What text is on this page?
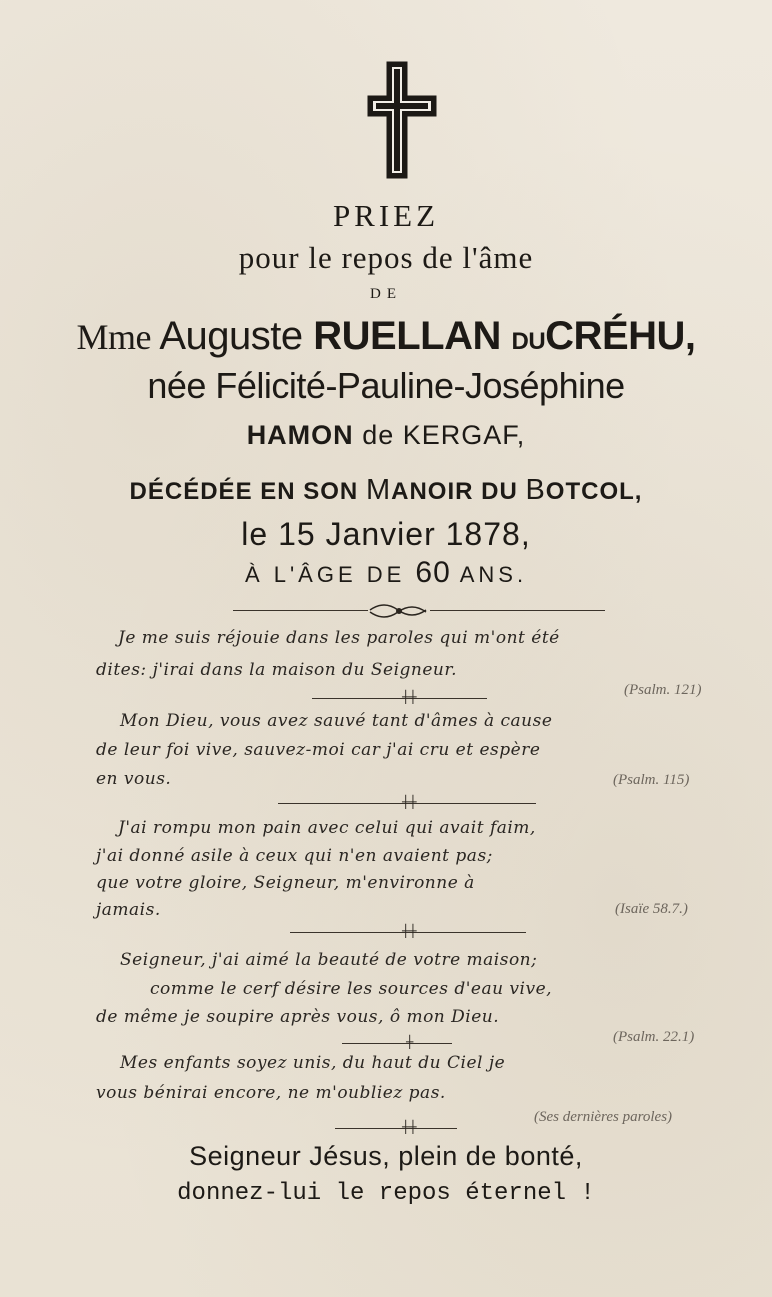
PRIEZ
pour le repos de l'âme
DE
Mme Auguste RUELLAN DUCRÉHU,
née Félicité-Pauline-Joséphine
HAMON de KERGAF,
DÉCÉDÉE EN SON MANOIR DU BOTCOL,
le 15 Janvier 1878,
À L'ÂGE DE 60 ANS.
Je me suis réjouie dans les paroles qui m'ont été
dites: j'irai dans la maison du Seigneur.
(Psalm. 121)
┼┼
Mon Dieu, vous avez sauvé tant d'âmes à cause
de leur foi vive, sauvez-moi car j'ai cru et espère
en vous.	(Psalm. 115)
┼┼
J'ai rompu mon pain avec celui qui avait faim,
j'ai donné asile à ceux qui n'en avaient pas;
que votre gloire, Seigneur, m'environne à
jamais.	(Isaïe 58.7.)
┼┼
Seigneur, j'ai aimé la beauté de votre maison;
comme le cerf désire les sources d'eau vive,
de même je soupire après vous, ô mon Dieu.
(Psalm. 22.1)
┼
Mes enfants soyez unis, du haut du Ciel je
vous bénirai encore, ne m'oubliez pas.
(Ses dernières paroles)
┼┼
Seigneur Jésus, plein de bonté,
donnez-lui le repos éternel !
